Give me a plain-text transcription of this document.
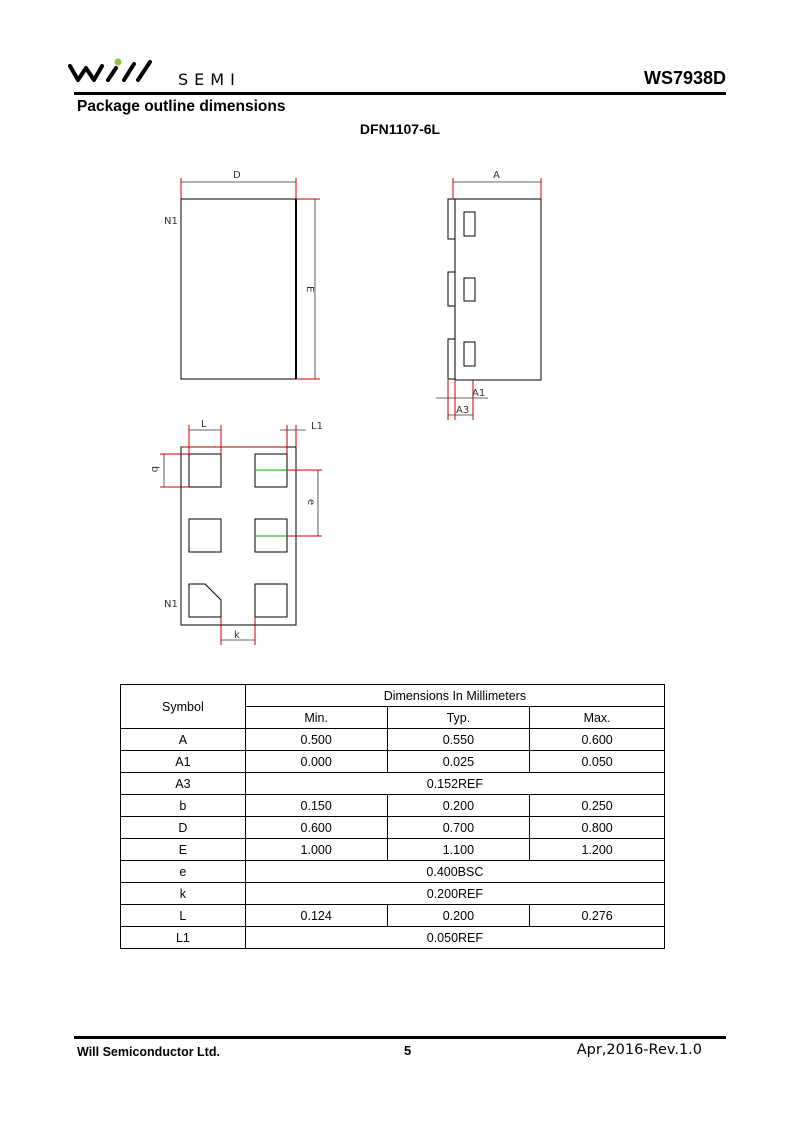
SEMI	WS7938D
Package outline dimensions
DFN1107-6L
D
E
N1
A
A1
A3
L	L1
b
e
k
N1
Symbol	Dimensions In Millimeters		
	Min.	Typ.	Max.
A	0.500	0.550	0.600
A1	0.000	0.025	0.050
A3	0.152REF		
b	0.150	0.200	0.250
D	0.600	0.700	0.800
E	1.000	1.100	1.200
e	0.400BSC		
k	0.200REF		
L	0.124	0.200	0.276
L1	0.050REF		
Will Semiconductor Ltd.	5	Apr,2016-Rev.1.0
